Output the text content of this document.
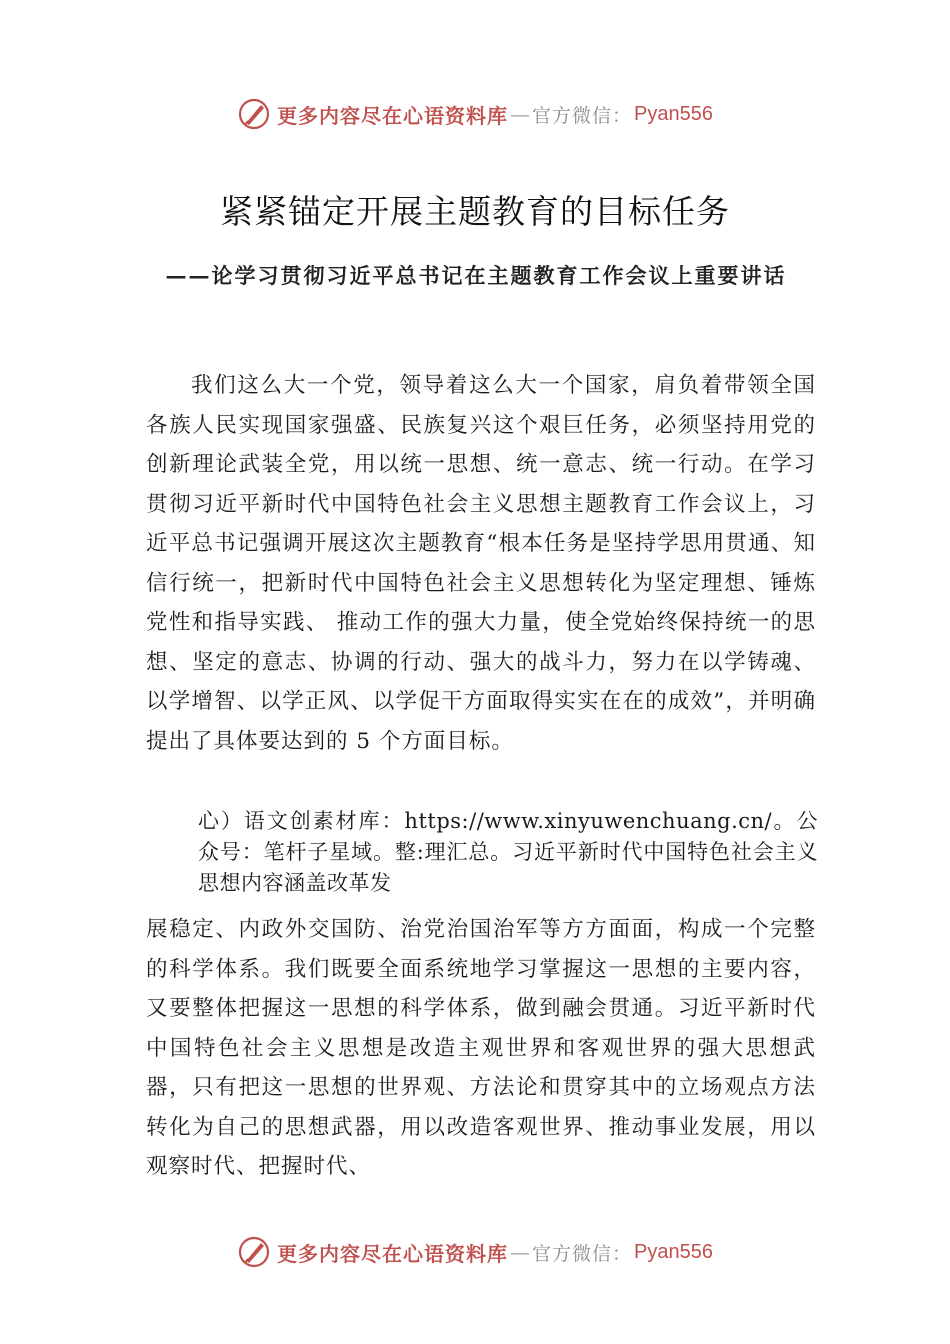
更多内容尽在心语资料库 — 官方微信： Pyan556
紧紧锚定开展主题教育的目标任务
——论学习贯彻习近平总书记在主题教育工作会议上重要讲话
我们这么大一个党，领导着这么大一个国家，肩负着带领全国各族人民实现国家强盛、民族复兴这个艰巨任务，必须坚持用党的创新理论武装全党，用以统一思想、统一意志、统一行动。在学习贯彻习近平新时代中国特色社会主义思想主题教育工作会议上，习近平总书记强调开展这次主题教育“根本任务是坚持学思用贯通、知信行统一，把新时代中国特色社会主义思想转化为坚定理想、锤炼党性和指导实践、 推动工作的强大力量，使全党始终保持统一的思想、坚定的意志、协调的行动、强大的战斗力，努力在以学铸魂、以学增智、以学正风、以学促干方面取得实实在在的成效”，并明确提出了具体要达到的 5 个方面目标。
心）语文创素材库：https://www.xinyuwenchuang.cn/。公众号：笔杆子星域。整:理汇总。习近平新时代中国特色社会主义思想内容涵盖改革发
展稳定、内政外交国防、治党治国治军等方方面面，构成一个完整的科学体系。我们既要全面系统地学习掌握这一思想的主要内容，又要整体把握这一思想的科学体系，做到融会贯通。习近平新时代中国特色社会主义思想是改造主观世界和客观世界的强大思想武器，只有把这一思想的世界观、方法论和贯穿其中的立场观点方法转化为自己的思想武器，用以改造客观世界、推动事业发展，用以观察时代、把握时代、
更多内容尽在心语资料库 — 官方微信： Pyan556
